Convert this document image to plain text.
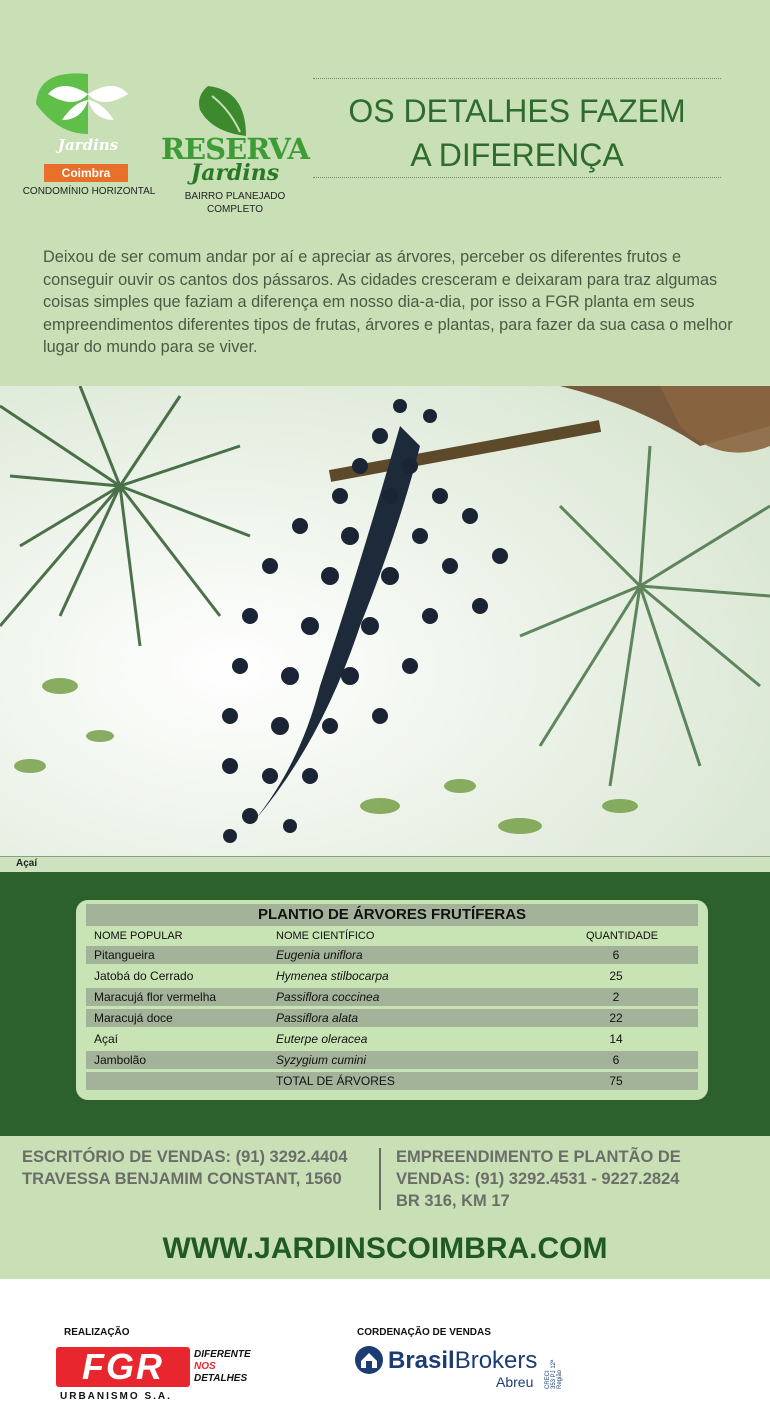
Jardins
Coimbra
CONDOMÍNIO HORIZONTAL
RESERVA
Jardins
BAIRRO PLANEJADO COMPLETO
OS DETALHES FAZEM
A DIFERENÇA
Deixou de ser comum andar por aí e apreciar as árvores, perceber os diferentes frutos e conseguir ouvir os cantos dos pássaros. As cidades cresceram e deixaram para traz algumas coisas simples que faziam a diferença em nosso dia-a-dia, por isso a FGR planta em seus empreendimentos diferentes tipos de frutas, árvores e plantas, para fazer da sua casa o melhor lugar do mundo para se viver.
Açaí
PLANTIO DE ÁRVORES FRUTÍFERAS
NOME POPULAR	NOME CIENTÍFICO	QUANTIDADE
Pitangueira	Eugenia uniflora	6
Jatobá do Cerrado	Hymenea stilbocarpa	25
Maracujá flor vermelha	Passiflora coccinea	2
Maracujá doce	Passiflora alata	22
Açaí	Euterpe oleracea	14
Jambolão	Syzygium cumini	6
TOTAL DE ÁRVORES	75
ESCRITÓRIO DE VENDAS: (91) 3292.4404
TRAVESSA BENJAMIM CONSTANT, 1560
EMPREENDIMENTO E PLANTÃO DE
VENDAS: (91) 3292.4531 - 9227.2824
BR 316, KM 17
WWW.JARDINSCOIMBRA.COM
REALIZAÇÃO
FGR	DIFERENTE
NOS
DETALHES
URBANISMO S.A.
CORDENAÇÃO DE VENDAS
BrasilBrokers
Abreu CRECI 353 PJ 12ª Região
